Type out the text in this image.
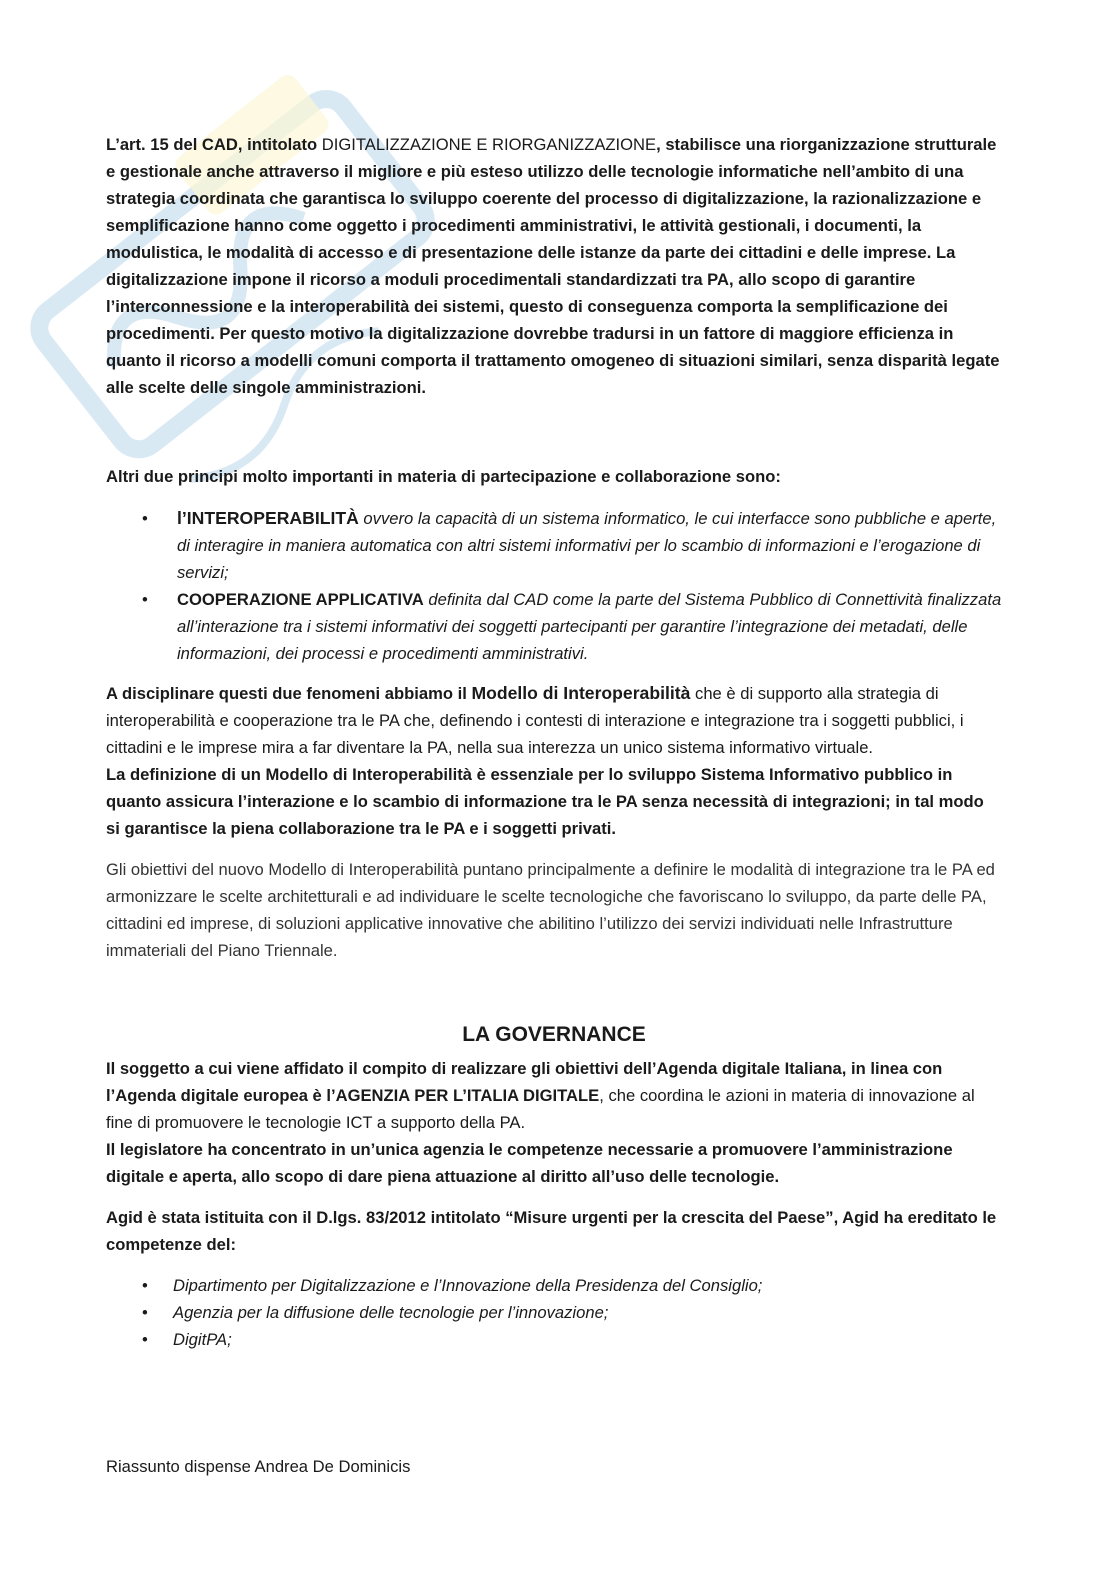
L’art. 15 del CAD, intitolato DIGITALIZZAZIONE E RIORGANIZZAZIONE, stabilisce una riorganizzazione strutturale e gestionale anche attraverso il migliore e più esteso utilizzo delle tecnologie informatiche nell’ambito di una strategia coordinata che garantisca lo sviluppo coerente del processo di digitalizzazione, la razionalizzazione e semplificazione hanno come oggetto i procedimenti amministrativi, le attività gestionali, i documenti, la modulistica, le modalità di accesso e di presentazione delle istanze da parte dei cittadini e delle imprese. La digitalizzazione impone il ricorso a moduli procedimentali standardizzati tra PA, allo scopo di garantire l’interconnessione e la interoperabilità dei sistemi, questo di conseguenza comporta la semplificazione dei procedimenti. Per questo motivo la digitalizzazione dovrebbe tradursi in un fattore di maggiore efficienza in quanto il ricorso a modelli comuni comporta il trattamento omogeneo di situazioni similari, senza disparità legate alle scelte delle singole amministrazioni.

Altri due principi molto importanti in materia di partecipazione e collaborazione sono:

• l’INTEROPERABILITÀ ovvero la capacità di un sistema informatico, le cui interfacce sono pubbliche e aperte, di interagire in maniera automatica con altri sistemi informativi per lo scambio di informazioni e l’erogazione di servizi;
• COOPERAZIONE APPLICATIVA definita dal CAD come la parte del Sistema Pubblico di Connettività finalizzata all’interazione tra i sistemi informativi dei soggetti partecipanti per garantire l’integrazione dei metadati, delle informazioni, dei processi e procedimenti amministrativi.

A disciplinare questi due fenomeni abbiamo il Modello di Interoperabilità che è di supporto alla strategia di interoperabilità e cooperazione tra le PA che, definendo i contesti di interazione e integrazione tra i soggetti pubblici, i cittadini e le imprese mira a far diventare la PA, nella sua interezza un unico sistema informativo virtuale.

La definizione di un Modello di Interoperabilità è essenziale per lo sviluppo Sistema Informativo pubblico in quanto assicura l’interazione e lo scambio di informazione tra le PA senza necessità di integrazioni; in tal modo si garantisce la piena collaborazione tra le PA e i soggetti privati.

Gli obiettivi del nuovo Modello di Interoperabilità puntano principalmente a definire le modalità di integrazione tra le PA ed armonizzare le scelte architetturali e ad individuare le scelte tecnologiche che favoriscano lo sviluppo, da parte delle PA, cittadini ed imprese, di soluzioni applicative innovative che abilitino l’utilizzo dei servizi individuati nelle Infrastrutture immateriali del Piano Triennale.

LA GOVERNANCE

Il soggetto a cui viene affidato il compito di realizzare gli obiettivi dell’Agenda digitale Italiana, in linea con l’Agenda digitale europea è l’AGENZIA PER L’ITALIA DIGITALE, che coordina le azioni in materia di innovazione al fine di promuovere le tecnologie ICT a supporto della PA.

Il legislatore ha concentrato in un’unica agenzia le competenze necessarie a promuovere l’amministrazione digitale e aperta, allo scopo di dare piena attuazione al diritto all’uso delle tecnologie.

Agid è stata istituita con il D.lgs. 83/2012 intitolato “Misure urgenti per la crescita del Paese”, Agid ha ereditato le competenze del:

• Dipartimento per Digitalizzazione e l’Innovazione della Presidenza del Consiglio;
• Agenzia per la diffusione delle tecnologie per l’innovazione;
• DigitPA;
Riassunto dispense Andrea De Dominicis
